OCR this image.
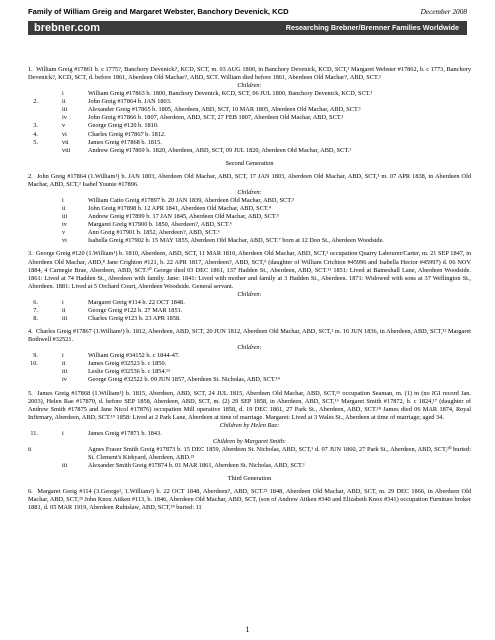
Family of William Greig and Margaret Webster, Banchory Devenick, KCD	December 2008
brebner.com	Researching Brebner/Bremner Families Worldwide

1. William Greig #17861 b. c 1775?, Banchory Devenick?, KCD, SCT, m. 03 AUG 1800, in Banchory Devenick, KCD, SCT,¹ Margaret Webster #17862, b. c 1773, Banchory Devenick?, KCD, SCT, d. before 1861, Aberdeen Old Machar?, ABD, SCT. William died before 1861, Aberdeen Old Machar?, ABD, SCT.²

Children:

i	William Greig #17863 b. 1800, Banchory Devenick, KCD, SCT, 06 JUL 1800, Banchory Devenick, KCD, SCT.¹
2.	ii	John Greig #17864 b. JAN 1803.
iii	Alexander Greig #17865 b. 1805, Aberdeen, ABD, SCT, 10 MAR 1805, Aberdeen Old Machar, ABD, SCT.¹
iv	John Greig #17866 b. 1807, Aberdeen, ABD, SCT, 27 FEB 1807, Aberdeen Old Machar, ABD, SCT.¹
3.	v	George Greig #120 b. 1810.
4.	vi	Charles Greig #17867 b. 1812.
5.	vii	James Greig #17868 b. 1815.
viii	Andrew Greig #17869 b. 1820, Aberdeen, ABD, SCT, 09 JUL 1820, Aberdeen Old Machar, ABD, SCT.¹
Second Generation

2. John Greig #17864 (1.William¹) b. JAN 1803, Aberdeen Old Machar, ABD, SCT, 17 JAN 1803, Aberdeen Old Machar, ABD, SCT,¹ m. 07 APR 1838, in Aberdeen Old Machar, ABD, SCT,³ Isabel Younie #17896.

Children:

i	William Catto Greig #17897 b. 20 JAN 1839, Aberdeen Old Machar, ABD, SCT.³
ii	John Greig #17898 b. 12 APR 1841, Aberdeen Old Machar, ABD, SCT.⁴
iii	Andrew Greig #17899 b. 17 JAN 1845, Aberdeen Old Machar, ABD, SCT.⁵
iv	Margaret Greig #17900 b. 1850, Aberdeen?, ABD, SCT.⁶
v	Ann Greig #17901 b. 1852, Aberdeen?, ABD, SCT.⁶
vi	Isabella Greig #17902 b. 15 MAY 1855, Aberdeen Old Machar, ABD, SCT.⁷ born at 12 Don St., Aberdeen Woodside.

3. George Greig #120 (1.William¹) b. 1810, Aberdeen, ABD, SCT, 11 MAR 1810, Aberdeen Old Machar, ABD, SCT,¹ occupation Quarry Labourer/Carter, m. 21 SEP 1847, in Aberdeen Old Machar, ABD,⁸ Jane Crighton #121, b. 22 APR 1817, Aberdeen?, ABD, SCT,⁹ (daughter of William Crichton #45996 and Isabella Hector #45997) d. 06 NOV 1884, 4 Carnegie Brae, Aberdeen, ABD, SCT.¹⁰ George died 03 DEC 1861, 137 Hadden St., Aberdeen, ABD, SCT.¹¹ 1851: Lived at Baineshall Lane, Aberdeen Woodside. 1861: Lived at 74 Hadden St., Aberdeen with family. Jane: 1841: Lived with mother and family at 3 Hadden St., Aberdeen. 1871: Widowed with sons at 37 Wellington St., Aberdeen. 1881: Lived at 5 Orchard Court, Aberdeen Woodside. General servant.

Children:

6.	i	Margaret Greig #114 b. 22 OCT 1848.
7.	ii	George Greig #122 b. 27 MAR 1851.
8.	iii	Charles Greig #123 b. 23 APR 1858.

4. Charles Greig #17867 (1.William¹) b. 1812, Aberdeen, ABD, SCT, 20 JUN 1812, Aberdeen Old Machar, ABD, SCT,¹ m. 16 JUN 1836, in Aberdeen, ABD, SCT,¹² Margaret Bothwell #32521.

Children:

9.	i	William Greig #34152 b. c 1844-47.
10.	ii	James Greig #32523 b. c 1850.
iii	Leslie Greig #32536 b. c 1854.¹³
iv	George Greig #32522 b. 09 JUN 1857, Aberdeen St. Nicholas, ABD, SCT.¹⁴

5. James Greig #17868 (1.William¹) b. 1815, Aberdeen, ABD, SCT, 24 JUL 1815, Aberdeen Old Machar, ABD, SCT,¹⁵ occupation Seaman, m. (1) m (no IGI record Jan. 2003), Helen Rae #17870, d. before SEP 1858, Aberdeen, ABD, SCT, m. (2) 29 SEP 1858, in Aberdeen, ABD, SCT,¹⁶ Margaret Smith #17872, b. c 1824,¹⁷ (daughter of Andrew Smith #17875 and Jane Nicol #17876) occupation Mill operative 1858, d. 19 DEC 1861, 27 Park St., Aberdeen, ABD, SCT.¹⁸ James died 06 MAR 1874, Royal Infirmary, Aberdeen, ABD, SCT.¹⁹ 1858: Lived at 2 Park Lane, Aberdeen at time of marriage. Margaret: Lived at 3 Wales St., Aberdeen at time of marriage; aged 34.

Children by Helen Rae:

11.	i	James Greig #17871 b. 1843.

Children by Margaret Smith:

ii	Agnes Fraser Smith Greig #17873 b. 15 DEC 1859, Aberdeen St. Nicholas, ABD, SCT,¹ d. 07 JUN 1860, 27 Park St., Aberdeen, ABD, SCT,²⁰ buried: St. Clement's Kirkyard, Aberdeen, ABD.²¹
iii	Alexander Smith Greig #17874 b. 01 MAR 1861, Aberdeen St. Nicholas, ABD, SCT.¹
Third Generation

6. Margaret Greig #114 (3.George², 1.William¹) b. 22 OCT 1848, Aberdeen?, ABD, SCT.²² 1848, Aberdeen Old Machar, ABD, SCT, m. 29 DEC 1866, in Aberdeen Old Machar, ABD, SCT,²³ John Knox Aitken #113, b. 1846, Aberdeen Old Machar, ABD, SCT, (son of Andrew Aitken #340 and Elizabeth Knox #341) occupation Furniture broker 1881, d. 05 MAR 1919, Aberdeen Rubislaw, ABD, SCT,²⁴ buried: 11

1
